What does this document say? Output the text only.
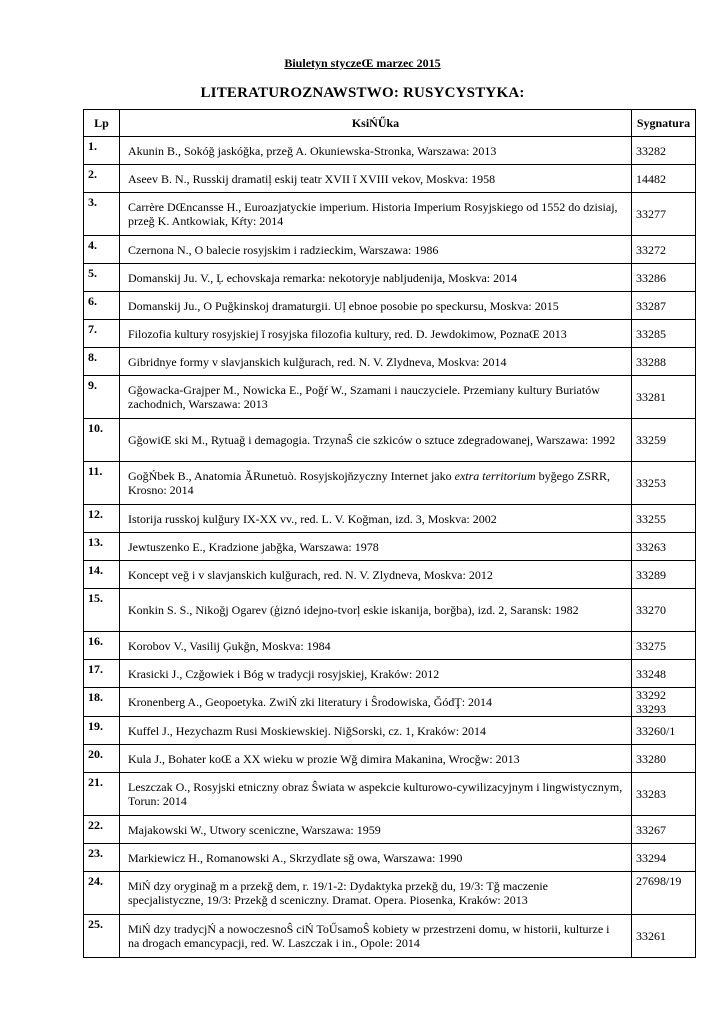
Biuletyn styczeŒ marzec 2015
LITERATUROZNAWSTWO: RUSYCYSTYKA:
Lp	KsiŃŰka	Sygnatura
1.	Akunin B., Sokóğ jaskóğka, przeğ A. Okuniewska-Stronka, Warszawa: 2013	33282
2.	Aseev B. N., Russkij dramatiļ eskij teatr XVII ĭ XVIII vekov, Moskva: 1958	14482
3.	Carrère DŒncansse H., Euroazjatyckie imperium. Historia Imperium Rosyjskiego od 1552 do dzisiaj, przeğ K. Antkowiak, Kŕty: 2014	33277
4.	Czernona N., O balecie rosyjskim i radzieckim, Warszawa: 1986	33272
5.	Domanskij Ju. V., Ļ echovskaja remarka: nekotoryje nabljudenija, Moskva: 2014	33286
6.	Domanskij Ju., O Puğkinskoj dramaturgii. Uļ ebnoe posobie po speckursu, Moskva: 2015	33287
7.	Filozofia kultury rosyjskiej ĭ rosyjska filozofia kultury, red. D. Jewdokimow, PoznaŒ 2013	33285
8.	Gibridnye formy v slavjanskich kulğurach, red. N. V. Zlydneva, Moskva: 2014	33288
9.	Gğowacka-Grajper M., Nowicka E., Poğŕ W., Szamani i nauczyciele. Przemiany kultury Buriatów zachodnich, Warszawa: 2013	33281
10.	GğowiŒ ski M., Rytuağ i demagogia. TrzynaŜ cie szkiców o sztuce zdegradowanej, Warszawa: 1992	33259
11.	GoğŃbek B., Anatomia ĂRunetuò. Rosyjskojňzyczny Internet jako extra territorium byğego ZSRR, Krosno: 2014	33253
12.	Istorija russkoj kulğury IX-XX vv., red. L. V. Koğman, izd. 3, Moskva: 2002	33255
13.	Jewtuszenko E., Kradzione jabğka, Warszawa: 1978	33263
14.	Koncept veğ i v slavjanskich kulğurach, red. N. V. Zlydneva, Moskva: 2012	33289
15.	Konkin S. S., Nikoğj Ogarev (ģiznó idejno-tvorļ eskie iskanija, borğba), izd. 2, Saransk: 1982	33270
16.	Korobov V., Vasilij Ģukğn, Moskva: 1984	33275
17.	Krasicki J., Czğowiek i Bóg w tradycji rosyjskiej, Kraków: 2012	33248
18.	Kronenberg A., Geopoetyka. ZwiŃ zki literatury i Ŝrodowiska, ĞódŢ: 2014	33292
33293
19.	Kuffel J., Hezychazm Rusi Moskiewskiej. NiğSorski, cz. 1, Kraków: 2014	33260/1
20.	Kula J., Bohater koŒ a XX wieku w prozie Wğ dimira Makanina, Wrocğw: 2013	33280
21.	Leszczak O., Rosyjski etniczny obraz Ŝwiata w aspekcie kulturowo-cywilizacyjnym i lingwistycznym, Torun: 2014	33283
22.	Majakowski W., Utwory sceniczne, Warszawa: 1959	33267
23.	Markiewicz H., Romanowski A., Skrzydlate sğ owa, Warszawa: 1990	33294
24.	MiŃ dzy oryginağ m a przekğ dem, r. 19/1-2: Dydaktyka przekğ du, 19/3: Tğ maczenie specjalistyczne, 19/3: Przekğ d sceniczny. Dramat. Opera. Piosenka, Kraków: 2013	27698/19
25.	MiŃ dzy tradycjŃ a nowoczesnoŜ ciŃ ToŰsamoŜ kobiety w przestrzeni domu, w historii, kulturze i na drogach emancypacji, red. W. Laszczak i in., Opole: 2014	33261
